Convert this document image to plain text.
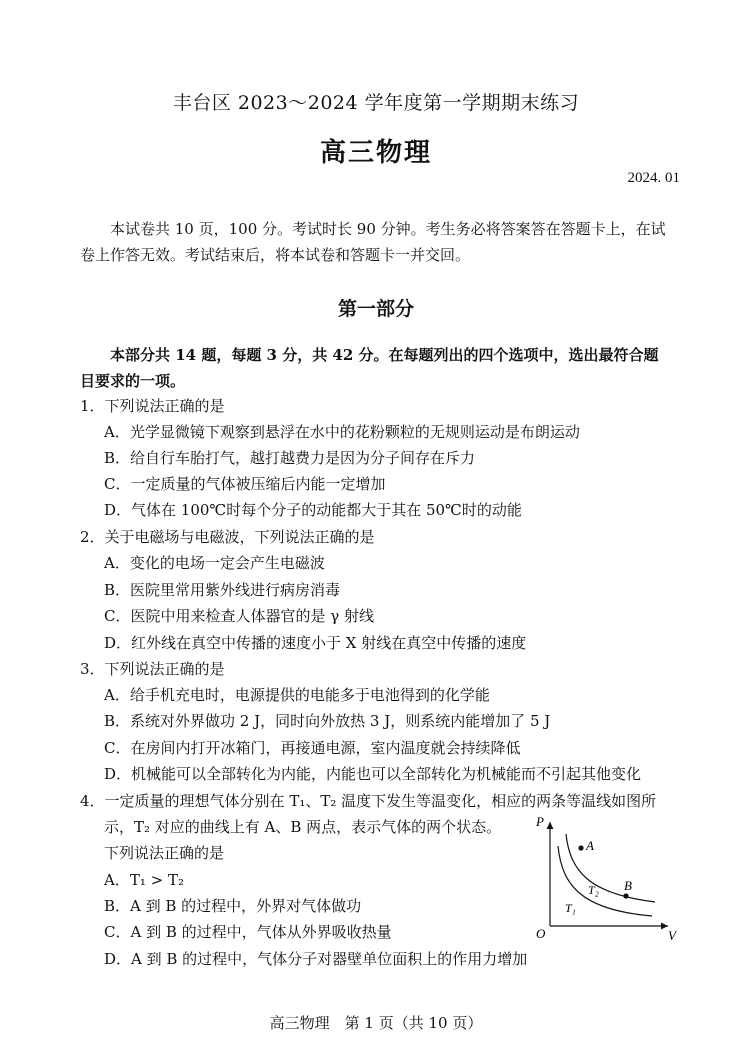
丰台区 2023～2024 学年度第一学期期末练习
高三物理
2024. 01
本试卷共 10 页，100 分。考试时长 90 分钟。考生务必将答案答在答题卡上，在试
卷上作答无效。考试结束后，将本试卷和答题卡一并交回。
第一部分
本部分共 14 题，每题 3 分，共 42 分。在每题列出的四个选项中，选出最符合题
目要求的一项。
1．下列说法正确的是
A．光学显微镜下观察到悬浮在水中的花粉颗粒的无规则运动是布朗运动
B．给自行车胎打气，越打越费力是因为分子间存在斥力
C．一定质量的气体被压缩后内能一定增加
D．气体在 100℃时每个分子的动能都大于其在 50℃时的动能
2．关于电磁场与电磁波，下列说法正确的是
A．变化的电场一定会产生电磁波
B．医院里常用紫外线进行病房消毒
C．医院中用来检查人体器官的是 γ 射线
D．红外线在真空中传播的速度小于 X 射线在真空中传播的速度
3．下列说法正确的是
A．给手机充电时，电源提供的电能多于电池得到的化学能
B．系统对外界做功 2 J，同时向外放热 3 J，则系统内能增加了 5 J
C．在房间内打开冰箱门，再接通电源，室内温度就会持续降低
D．机械能可以全部转化为内能，内能也可以全部转化为机械能而不引起其他变化
4．一定质量的理想气体分别在 T₁、T₂ 温度下发生等温变化，相应的两条等温线如图所
示，T₂ 对应的曲线上有 A、B 两点，表示气体的两个状态。
下列说法正确的是
A．T₁ > T₂
B．A 到 B 的过程中，外界对气体做功
C．A 到 B 的过程中，气体从外界吸收热量
D．A 到 B 的过程中，气体分子对器壁单位面积上的作用力增加
P
V
O
A
B
T₂
T₁
高三物理　第 1 页（共 10 页）
